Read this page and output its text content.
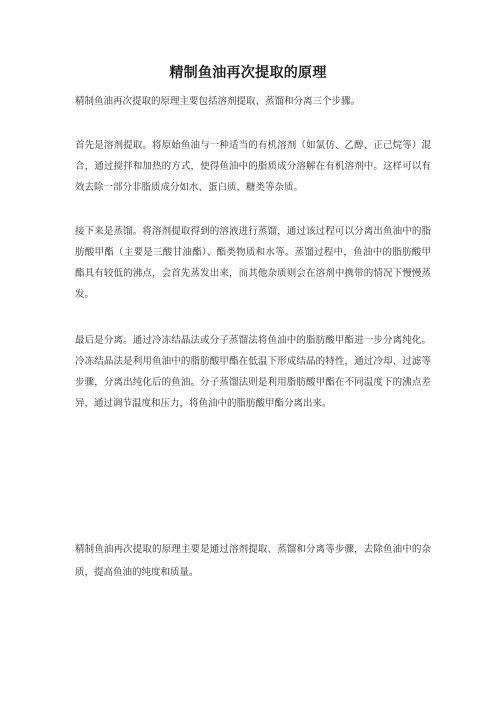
精制鱼油再次提取的原理
精制鱼油再次提取的原理主要包括溶剂提取、蒸馏和分离三个步骤。
首先是溶剂提取。将原始鱼油与一种适当的有机溶剂（如氯仿、乙醇、正己烷等）混合，通过搅拌和加热的方式，使得鱼油中的脂质成分溶解在有机溶剂中。这样可以有效去除一部分非脂质成分如水、蛋白质、糖类等杂质。
接下来是蒸馏。将溶剂提取得到的溶液进行蒸馏，通过该过程可以分离出鱼油中的脂肪酸甲酯（主要是三酸甘油酯）、酯类物质和水等。蒸馏过程中，鱼油中的脂肪酸甲酯具有较低的沸点，会首先蒸发出来，而其他杂质则会在溶剂中携带的情况下慢慢蒸发。
最后是分离。通过冷冻结晶法或分子蒸馏法将鱼油中的脂肪酸甲酯进一步分离纯化。冷冻结晶法是利用鱼油中的脂肪酸甲酯在低温下形成结晶的特性，通过冷却、过滤等步骤，分离出纯化后的鱼油。分子蒸馏法则是利用脂肪酸甲酯在不同温度下的沸点差异，通过调节温度和压力，将鱼油中的脂肪酸甲酯分离出来。
精制鱼油再次提取的原理主要是通过溶剂提取、蒸馏和分离等步骤，去除鱼油中的杂质，提高鱼油的纯度和质量。
